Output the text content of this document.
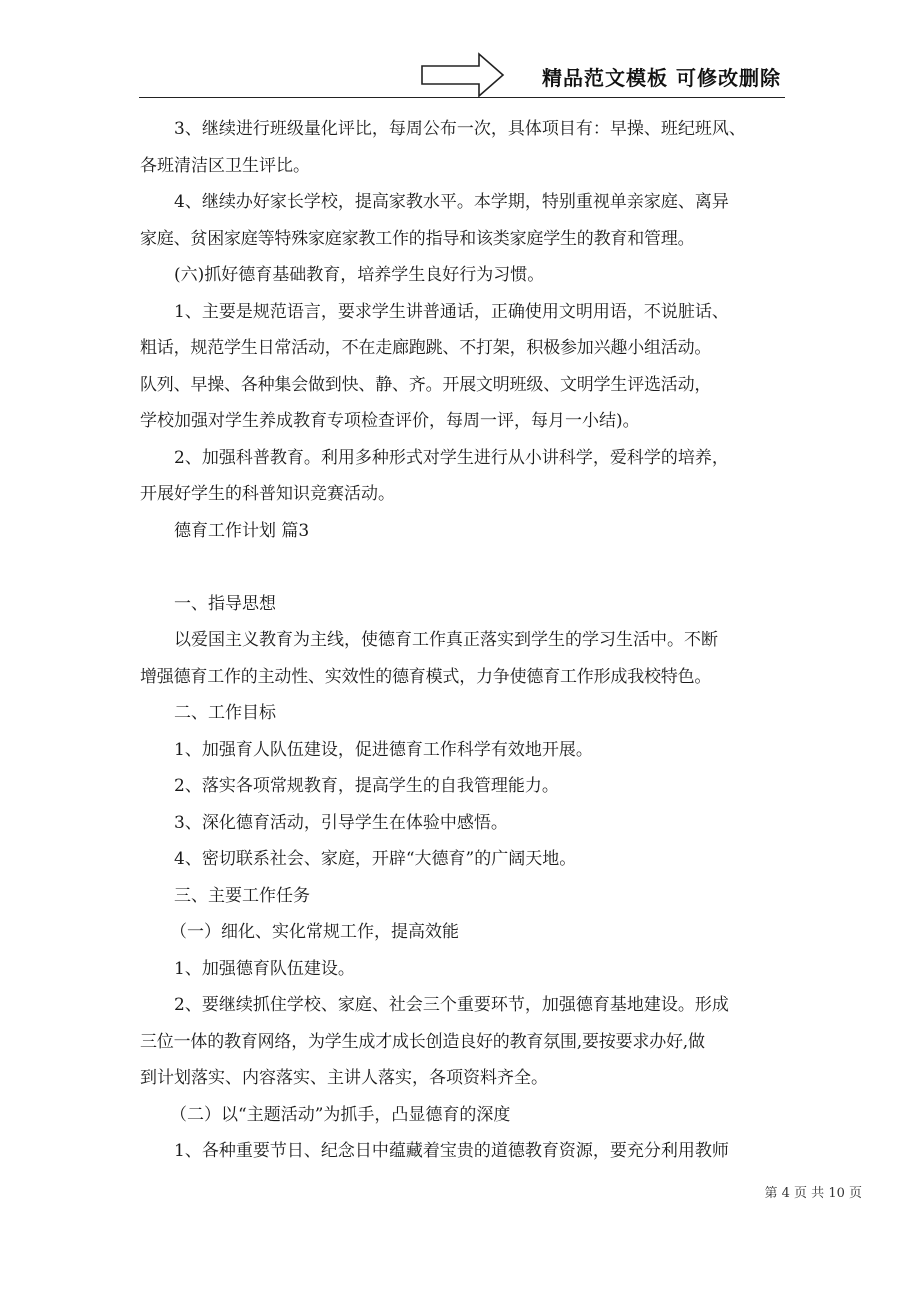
精品范文模板 可修改删除
3、继续进行班级量化评比，每周公布一次，具体项目有：早操、班纪班风、
各班清洁区卫生评比。
4、继续办好家长学校，提高家教水平。本学期，特别重视单亲家庭、离异
家庭、贫困家庭等特殊家庭家教工作的指导和该类家庭学生的教育和管理。
(六)抓好德育基础教育，培养学生良好行为习惯。
1、主要是规范语言，要求学生讲普通话，正确使用文明用语，不说脏话、
粗话，规范学生日常活动，不在走廊跑跳、不打架，积极参加兴趣小组活动。
队列、早操、各种集会做到快、静、齐。开展文明班级、文明学生评选活动，
学校加强对学生养成教育专项检查评价，每周一评，每月一小结)。
2、加强科普教育。利用多种形式对学生进行从小讲科学，爱科学的培养，
开展好学生的科普知识竞赛活动。
德育工作计划 篇3
一、指导思想
以爱国主义教育为主线，使德育工作真正落实到学生的学习生活中。不断
增强德育工作的主动性、实效性的德育模式，力争使德育工作形成我校特色。
二、工作目标
1、加强育人队伍建设，促进德育工作科学有效地开展。
2、落实各项常规教育，提高学生的自我管理能力。
3、深化德育活动，引导学生在体验中感悟。
4、密切联系社会、家庭，开辟“大德育”的广阔天地。
三、主要工作任务
（一）细化、实化常规工作，提高效能
1、加强德育队伍建设。
2、要继续抓住学校、家庭、社会三个重要环节，加强德育基地建设。形成
三位一体的教育网络，为学生成才成长创造良好的教育氛围,要按要求办好,做
到计划落实、内容落实、主讲人落实，各项资料齐全。
（二）以“主题活动”为抓手，凸显德育的深度
1、各种重要节日、纪念日中蕴藏着宝贵的道德教育资源，要充分利用教师
第 4 页 共 10 页
